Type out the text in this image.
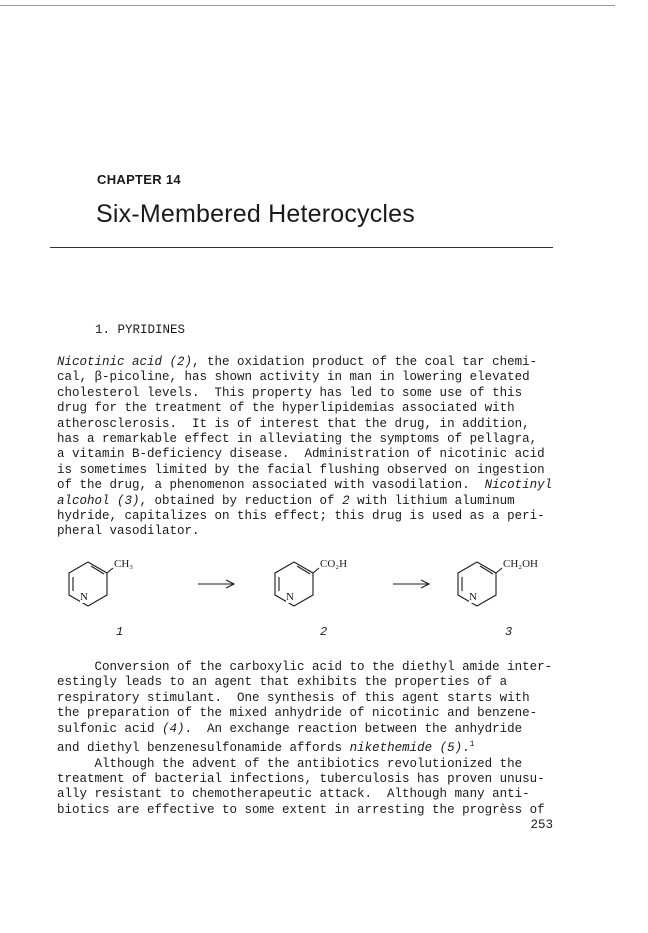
CHAPTER 14
Six-Membered Heterocycles
1. PYRIDINES
Nicotinic acid (2), the oxidation product of the coal tar chemi-
cal, β-picoline, has shown activity in man in lowering elevated
cholesterol levels.  This property has led to some use of this
drug for the treatment of the hyperlipidemias associated with
atherosclerosis.  It is of interest that the drug, in addition,
has a remarkable effect in alleviating the symptoms of pellagra,
a vitamin B-deficiency disease.  Administration of nicotinic acid
is sometimes limited by the facial flushing observed on ingestion
of the drug, a phenomenon associated with vasodilation.  Nicotinyl
alcohol (3), obtained by reduction of 2 with lithium aluminum
hydride, capitalizes on this effect; this drug is used as a peri-
pheral vasodilator.
CH₃
N
CO₂H
N
CH₂OH
N
1	2	3
Conversion of the carboxylic acid to the diethyl amide inter-
estingly leads to an agent that exhibits the properties of a
respiratory stimulant.  One synthesis of this agent starts with
the preparation of the mixed anhydride of nicotinic and benzene-
sulfonic acid (4).  An exchange reaction between the anhydride
and diethyl benzenesulfonamide affords nikethemide (5).$^1$
Although the advent of the antibiotics revolutionized the
treatment of bacterial infections, tuberculosis has proven unusu-
ally resistant to chemotherapeutic attack.  Although many anti-
biotics are effective to some extent in arresting the progrèss of
253
